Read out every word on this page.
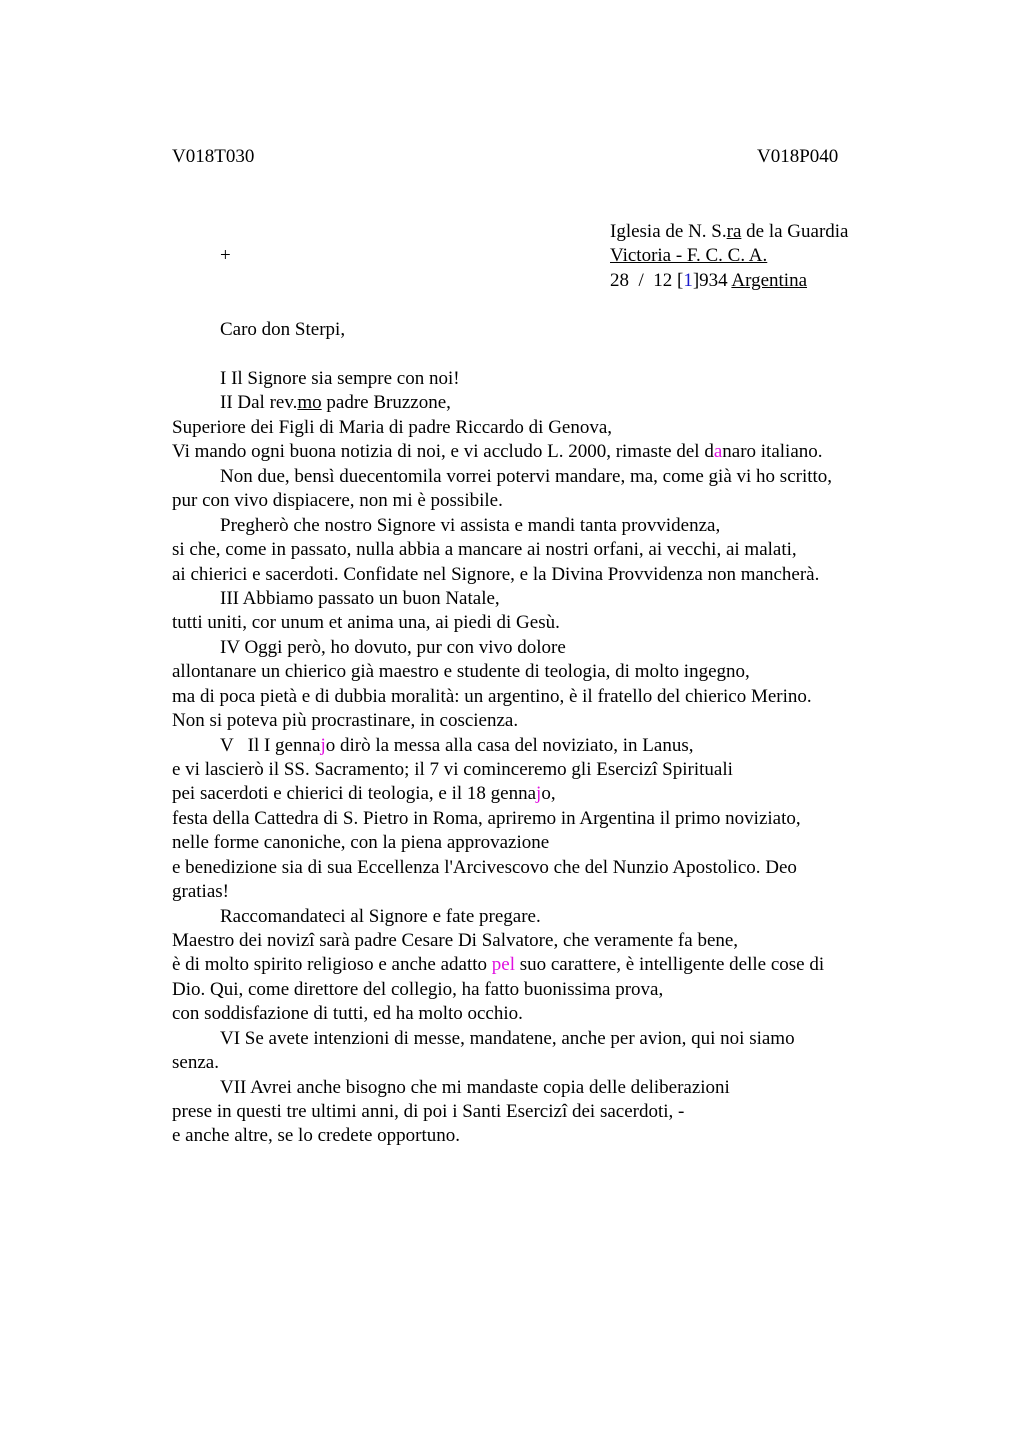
V018T030	V018P040
+
Iglesia de N. S.ra de la Guardia
Victoria - F. C. C. A.
28  /  12 [1]934 Argentina
Caro don Sterpi,
I Il Signore sia sempre con noi!
II Dal rev.mo padre Bruzzone,
Superiore dei Figli di Maria di padre Riccardo di Genova,
Vi mando ogni buona notizia di noi, e vi accludo L. 2000, rimaste del danaro italiano.
Non due, bensì duecentomila vorrei potervi mandare, ma, come già vi ho scritto,
pur con vivo dispiacere, non mi è possibile.
Pregherò che nostro Signore vi assista e mandi tanta provvidenza,
si che, come in passato, nulla abbia a mancare ai nostri orfani, ai vecchi, ai malati,
ai chierici e sacerdoti. Confidate nel Signore, e la Divina Provvidenza non mancherà.
III Abbiamo passato un buon Natale,
tutti uniti, cor unum et anima una, ai piedi di Gesù.
IV Oggi però, ho dovuto, pur con vivo dolore
allontanare un chierico già maestro e studente di teologia, di molto ingegno,
ma di poca pietà e di dubbia moralità: un argentino, è il fratello del chierico Merino.
Non si poteva più procrastinare, in coscienza.
V   Il I gennajo dirò la messa alla casa del noviziato, in Lanus,
e vi lascierò il SS. Sacramento; il 7 vi cominceremo gli Esercizi Spirituali
pei sacerdoti e chierici di teologia, e il 18 gennajo,
festa della Cattedra di S. Pietro in Roma, apriremo in Argentina il primo noviziato,
nelle forme canoniche, con la piena approvazione
e benedizione sia di sua Eccellenza l'Arcivescovo che del Nunzio Apostolico. Deo
gratias!
Raccomandateci al Signore e fate pregare.
Maestro dei novizi sarà padre Cesare Di Salvatore, che veramente fa bene,
è di molto spirito religioso e anche adatto pel suo carattere, è intelligente delle cose di
Dio. Qui, come direttore del collegio, ha fatto buonissima prova,
con soddisfazione di tutti, ed ha molto occhio.
VI Se avete intenzioni di messe, mandatene, anche per avion, qui noi siamo
senza.
VII Avrei anche bisogno che mi mandaste copia delle deliberazioni
prese in questi tre ultimi anni, di poi i Santi Esercizi dei sacerdoti, -
e anche altre, se lo credete opportuno.
